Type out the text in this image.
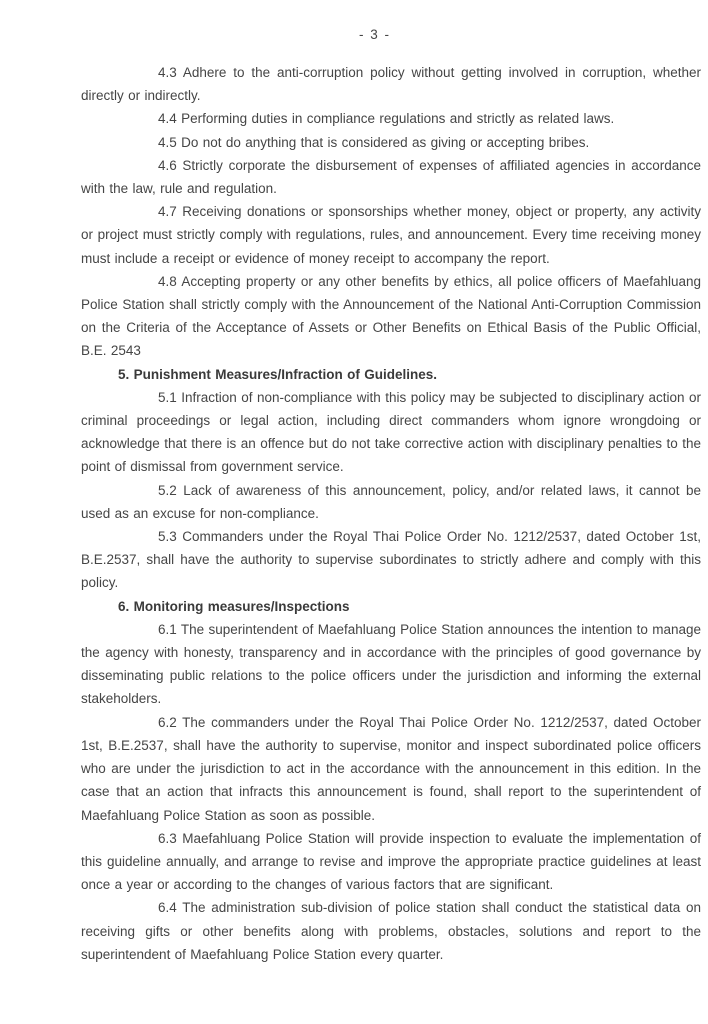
- 3 -

4.3 Adhere to the anti-corruption policy without getting involved in corruption, whether directly or indirectly.

4.4 Performing duties in compliance regulations and strictly as related laws.

4.5 Do not do anything that is considered as giving or accepting bribes.

4.6 Strictly corporate the disbursement of expenses of affiliated agencies in accordance with the law, rule and regulation.

4.7 Receiving donations or sponsorships whether money, object or property, any activity or project must strictly comply with regulations, rules, and announcement. Every time receiving money must include a receipt or evidence of money receipt to accompany the report.

4.8 Accepting property or any other benefits by ethics, all police officers of Maefahluang Police Station shall strictly comply with the Announcement of the National Anti-Corruption Commission on the Criteria of the Acceptance of Assets or Other Benefits on Ethical Basis of the Public Official, B.E. 2543

5. Punishment Measures/Infraction of Guidelines.

5.1 Infraction of non-compliance with this policy may be subjected to disciplinary action or criminal proceedings or legal action, including direct commanders whom ignore wrongdoing or acknowledge that there is an offence but do not take corrective action with disciplinary penalties to the point of dismissal from government service.

5.2 Lack of awareness of this announcement, policy, and/or related laws, it cannot be used as an excuse for non-compliance.

5.3 Commanders under the Royal Thai Police Order No. 1212/2537, dated October 1st, B.E.2537, shall have the authority to supervise subordinates to strictly adhere and comply with this policy.

6. Monitoring measures/Inspections

6.1 The superintendent of Maefahluang Police Station announces the intention to manage the agency with honesty, transparency and in accordance with the principles of good governance by disseminating public relations to the police officers under the jurisdiction and informing the external stakeholders.

6.2 The commanders under the Royal Thai Police Order No. 1212/2537, dated October 1st, B.E.2537, shall have the authority to supervise, monitor and inspect subordinated police officers who are under the jurisdiction to act in the accordance with the announcement in this edition. In the case that an action that infracts this announcement is found, shall report to the superintendent of Maefahluang Police Station as soon as possible.

6.3 Maefahluang Police Station will provide inspection to evaluate the implementation of this guideline annually, and arrange to revise and improve the appropriate practice guidelines at least once a year or according to the changes of various factors that are significant.

6.4 The administration sub-division of police station shall conduct the statistical data on receiving gifts or other benefits along with problems, obstacles, solutions and report to the superintendent of Maefahluang Police Station every quarter.
